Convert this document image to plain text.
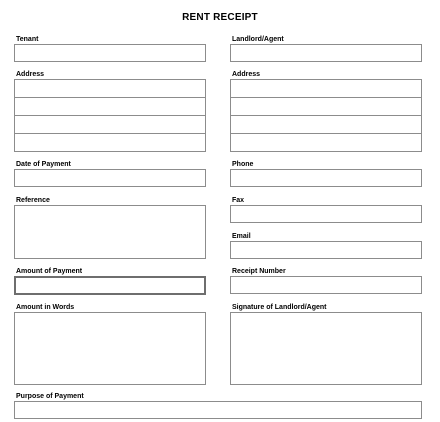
RENT RECEIPT
Tenant	Landlord/Agent
Address	Address
Date of Payment	Phone
Reference	Fax
Email
Amount of Payment	Receipt Number
Amount in Words	Signature of Landlord/Agent
Purpose of Payment
